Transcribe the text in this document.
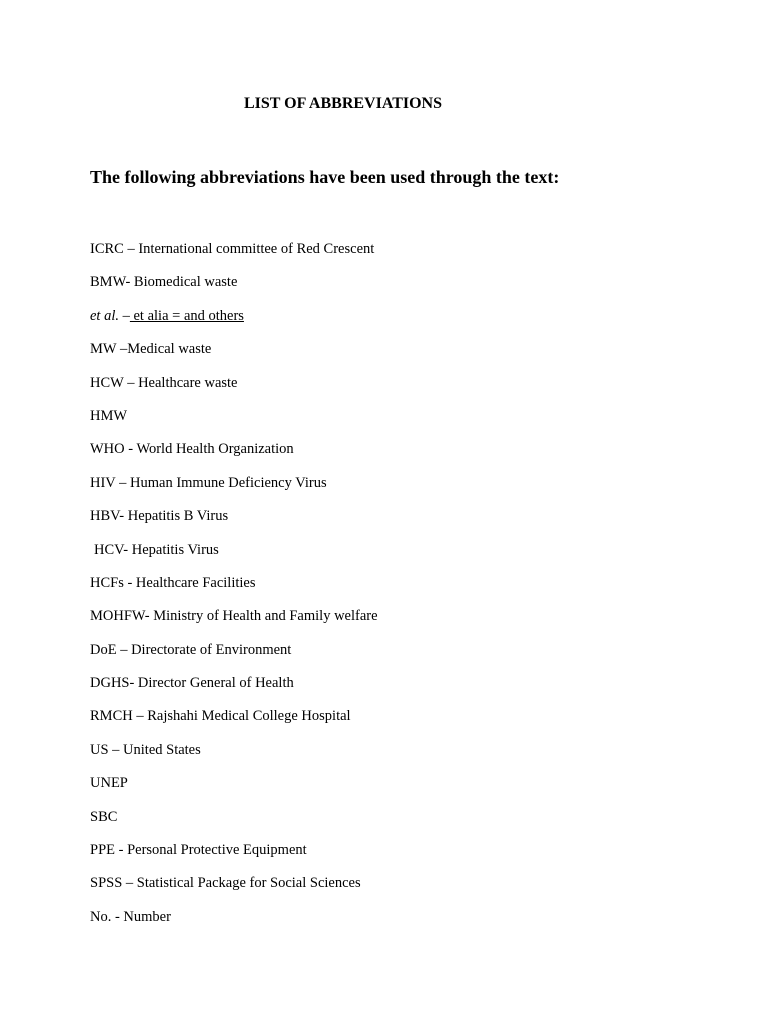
LIST OF ABBREVIATIONS
The following abbreviations have been used through the text:
ICRC – International committee of Red Crescent
BMW- Biomedical waste
et al. – et alia = and others
MW –Medical waste
HCW – Healthcare waste
HMW
WHO - World Health Organization
HIV – Human Immune Deficiency Virus
HBV- Hepatitis B Virus
HCV- Hepatitis Virus
HCFs - Healthcare Facilities
MOHFW- Ministry of Health and Family welfare
DoE – Directorate of Environment
DGHS- Director General of Health
RMCH – Rajshahi Medical College Hospital
US – United States
UNEP
SBC
PPE - Personal Protective Equipment
SPSS – Statistical Package for Social Sciences
No. - Number
